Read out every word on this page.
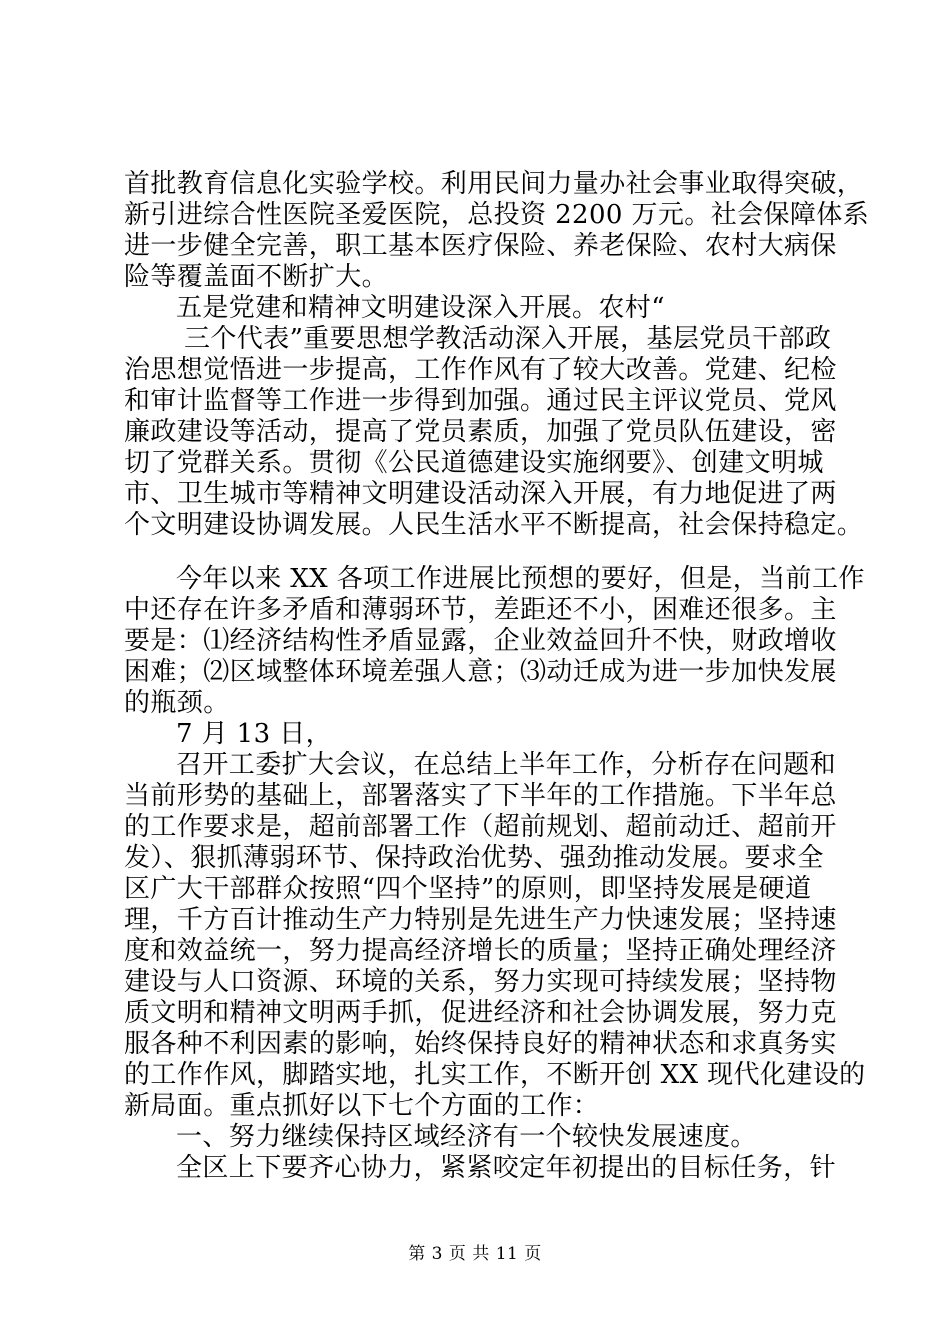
首批教育信息化实验学校。利用民间力量办社会事业取得突破，
新引进综合性医院圣爱医院，总投资 2200 万元。社会保障体系
进一步健全完善，职工基本医疗保险、养老保险、农村大病保
险等覆盖面不断扩大。
五是党建和精神文明建设深入开展。农村“
三个代表”重要思想学教活动深入开展，基层党员干部政
治思想觉悟进一步提高，工作作风有了较大改善。党建、纪检
和审计监督等工作进一步得到加强。通过民主评议党员、党风
廉政建设等活动，提高了党员素质，加强了党员队伍建设，密
切了党群关系。贯彻《公民道德建设实施纲要》、创建文明城
市、卫生城市等精神文明建设活动深入开展，有力地促进了两
个文明建设协调发展。人民生活水平不断提高，社会保持稳定。
今年以来 XX 各项工作进展比预想的要好，但是，当前工作
中还存在许多矛盾和薄弱环节，差距还不小，困难还很多。主
要是：⑴经济结构性矛盾显露，企业效益回升不快，财政增收
困难；⑵区域整体环境差强人意；⑶动迁成为进一步加快发展
的瓶颈。
7 月 13 日，
召开工委扩大会议，在总结上半年工作，分析存在问题和
当前形势的基础上，部署落实了下半年的工作措施。下半年总
的工作要求是，超前部署工作（超前规划、超前动迁、超前开
发）、狠抓薄弱环节、保持政治优势、强劲推动发展。要求全
区广大干部群众按照“四个坚持”的原则，即坚持发展是硬道
理，千方百计推动生产力特别是先进生产力快速发展；坚持速
度和效益统一，努力提高经济增长的质量；坚持正确处理经济
建设与人口资源、环境的关系，努力实现可持续发展；坚持物
质文明和精神文明两手抓，促进经济和社会协调发展，努力克
服各种不利因素的影响，始终保持良好的精神状态和求真务实
的工作作风，脚踏实地，扎实工作，不断开创 XX 现代化建设的
新局面。重点抓好以下七个方面的工作：
一、努力继续保持区域经济有一个较快发展速度。
全区上下要齐心协力，紧紧咬定年初提出的目标任务，针
第 3 页 共 11 页
